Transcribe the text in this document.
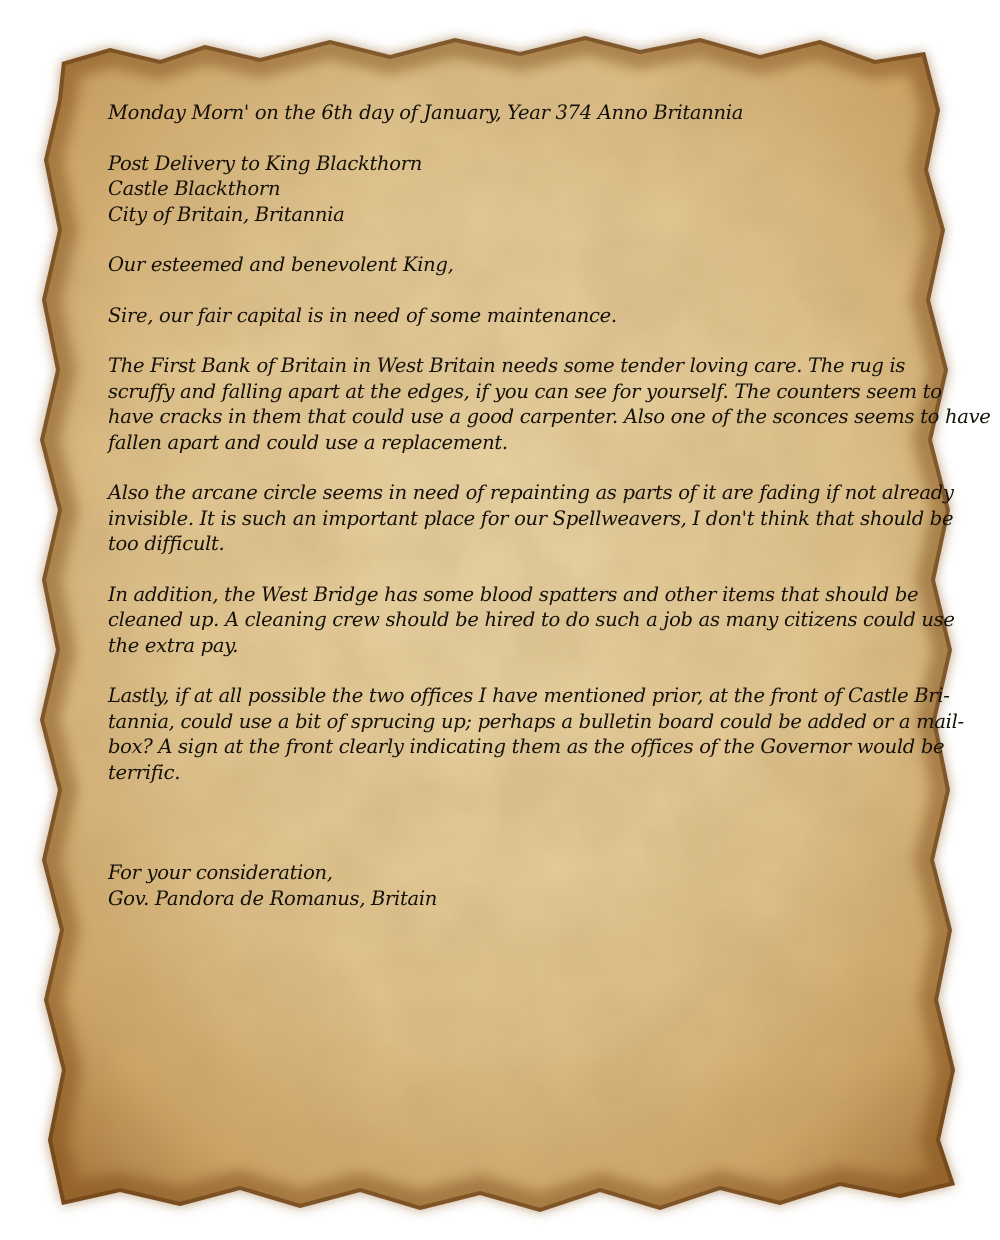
Monday Morn' on the 6th day of January, Year 374 Anno Britannia
Post Delivery to King Blackthorn
Castle Blackthorn
City of Britain, Britannia
Our esteemed and benevolent King,
Sire, our fair capital is in need of some maintenance.
The First Bank of Britain in West Britain needs some tender loving care. The rug is
scruffy and falling apart at the edges, if you can see for yourself. The counters seem to
have cracks in them that could use a good carpenter. Also one of the sconces seems to have
fallen apart and could use a replacement.
Also the arcane circle seems in need of repainting as parts of it are fading if not already
invisible. It is such an important place for our Spellweavers, I don't think that should be
too difficult.
In addition, the West Bridge has some blood spatters and other items that should be
cleaned up. A cleaning crew should be hired to do such a job as many citizens could use
the extra pay.
Lastly, if at all possible the two offices I have mentioned prior, at the front of Castle Bri-
tannia, could use a bit of sprucing up; perhaps a bulletin board could be added or a mail-
box? A sign at the front clearly indicating them as the offices of the Governor would be
terrific.
For your consideration,
Gov. Pandora de Romanus, Britain
